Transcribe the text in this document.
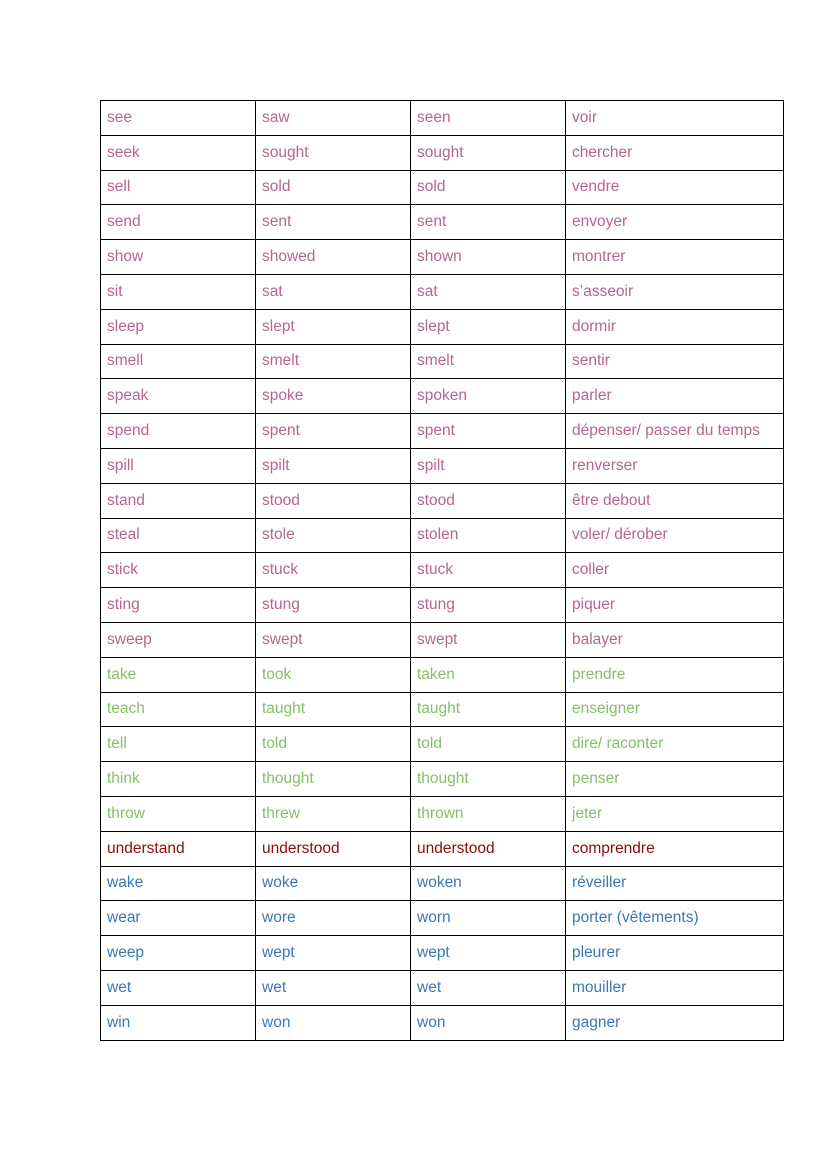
see	saw	seen	voir
seek	sought	sought	chercher
sell	sold	sold	vendre
send	sent	sent	envoyer
show	showed	shown	montrer
sit	sat	sat	s’asseoir
sleep	slept	slept	dormir
smell	smelt	smelt	sentir
speak	spoke	spoken	parler
spend	spent	spent	dépenser/ passer du temps
spill	spilt	spilt	renverser
stand	stood	stood	être debout
steal	stole	stolen	voler/ dérober
stick	stuck	stuck	coller
sting	stung	stung	piquer
sweep	swept	swept	balayer
take	took	taken	prendre
teach	taught	taught	enseigner
tell	told	told	dire/ raconter
think	thought	thought	penser
throw	threw	thrown	jeter
understand	understood	understood	comprendre
wake	woke	woken	réveiller
wear	wore	worn	porter (vêtements)
weep	wept	wept	pleurer
wet	wet	wet	mouiller
win	won	won	gagner
